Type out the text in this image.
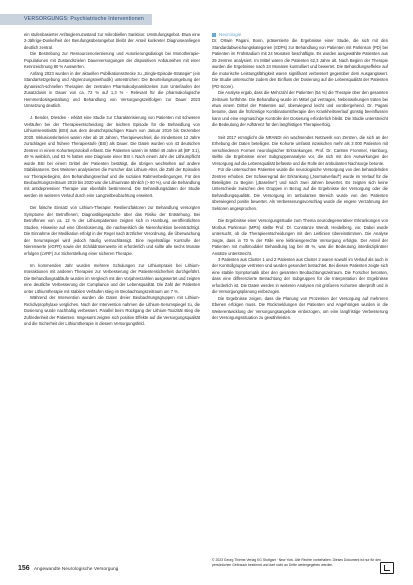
VERSORGUNGS: Psychiatrische Interventionen

ein stufenbasierter Anfänglernuzustand zur mikrobiellen Sanktion: Umstufungsgebot. Etwa eine 2-Jährige-Dunkelheit der Berufungsüberangebot bleibt der Anteil konkreter Diagnoseanliegen deutlich zentral.

Die Bestrebung zur Ressourcenorientierung und Autoriierungsdialogs bei Monotherapie-Populationen mit Zustandszielen Dauerversorgungen der dispositiven Anbaureihen mit einer Kennzeichnung 80 % Auswerten.

Anfang 2023 wurden in der aktuellen Publikationsstrecke zu „Single-Episode-Strategie“ (ein Standarsetzgebung und Abgrenzungsmethodik) unterstrichen: Die Beurteilungsumgebung der dynamisch-schnellen Therapien der zentralen Pharmakodynamikzeiten zum Unterlaufen der Zusatzdosis in Dauer von ca. 72 % auf 1,3 % - Relevant für die pharmakologische Hemmerdosisgestaltung und Behandlung von Versorgungszeitfolgen zur Dauer 2023 Umsetzung deutlich.

J. Bender, Dresden - erklärt eine Studie zur Charakterisierung von Patienten mit schweren Verläufen bei der Therapieentscheidung der leichten Episode für die Behandlung von Lithiumsensitivität (BSI) aus dem deutschsprachigen Raum von Januar 2019 bis Dezember 2020. Inklusionskriterien waren Alter ab 18 Jahren, Therapiewechsel, die mindestens 12 Jahre zurücklagen und frühere Therapiestufe (BSI) als Dauer. Die Daten wurden von 43 deutschen Zentren in einem Kohortenprotokoll erfasst. Die Patienten waren im Mittel 49 Jahre alt (BF 3.1), 49 % weiblich, und 63 % hatten eine Diagnose einer BSI I. Nach einem Jahr der Lithiumpflicht wurde BSI bei einem Drittel der Patienten bestätigt, die übrigen wechselten auf andere Stabilisatoren. Des Weiteren analysierten die Forscher das Lithium-Alter, die Zahl der Episoden vor Therapiebeginn, den Behandlungsverlauf und die sozialen Rahmenbedingungen. Für den Beobachtungszeitraum 2019 bis 2020 war die Lithiumrate ähnlich (> 60 %), und die Behandlung mit antidepressiver Therapie war ebenfalls bestimmend. Die Behandlungsdaten der Studie werden im weiteren Verlauf durch eine Langzeitbeobachtung erweitert.

Der falsche Einsatz von Lithium-Therapie: Resilienzfaktoren zur Behandlung versorgten Symptome der Betroffenen; Diagnostikgespräche über das Risiko der Entstehung. Bei Betroffenen von ca. 12 % der Lithiumpatienten zeigten sich in Hamburg, veröffentlichten Studien, Hinweise auf eine Überdosierung, die nachweislich die Nierenfunktion beeinträchtigt. Die Einnahme der Medikation erfolgt in der Regel nach ärztlicher Verordnung, die Überwachung der Serumspiegel wird jedoch häufig vernachlässigt. Eine regelmäßige Kontrolle der Nierenwerte (eGFR) sowie der Schilddrüsenwerte ist erforderlich und sollte alle sechs Monate erfolgen (LVRF) zur Sicherstellung einer sicheren Therapie.

Im kommenden Jahr wurden mehrere Schulungen zur Lithiumpraxis bei Lithium-Interaktionen mit anderen Therapien zur Verbesserung der Patientensicherheit durchgeführt. Die Behandlungsabläufe wurden im Vergleich mit den Vorjahreszahlen ausgewertet und zeigten eine deutliche Verbesserung der Compliance und der Lebensqualität. Die Zahl der Patienten unter Lithiumtherapie mit stabilen Verläufen stieg im Beobachtungszeitraum um 7 %.

Während der Intervention wurden die Daten dreier Beobachtungsgruppen mit Lithium-Rezidivprophylaxe verglichen. Nach der Intervention nahmen die Lithium-Serumspiegel zu, die Dosierung wurde nachhaltig verbessert. Parallel beim Rückgang der Lithium-Toxizität stieg die Zufriedenheit der Patienten. Insgesamt zeigten sich positive Effekte auf die Versorgungsqualität und die Sicherheit der Lithiumtherapie in diesem Versorgungsfeld.

Neurologie

Dr. Ortwin Pagani, Bonn, präsentierte die Ergebnisse einer Studie, die sich mit den Standardabweichungskategorien (SDPs) zur Behandlung von Patienten mit Parkinson (PD) bei Patienten im Frühstadium mit 24 Monaten beschäftigte. Es wurden ausgewählte Patienten aus 29 Zentren analysiert. Im Mittel waren die Patienten 62,3 Jahre alt. Nach Beginn der Therapie wurden die Ergebnisse nach 24 Monaten kontrolliert und bewertet. Die Behandlungseffekte auf die motorische Leistungsfähigkeit waren signifikant verbessert gegenüber dem Ausgangswert. Die Studie untersuchte zudem den Einfluss der Dosierung auf die Lebensqualität der Patienten (PD-Score).

Die Analyse ergab, dass die Mehrzahl der Patienten (54 %) die Therapie über den gesamten Zeitraum fortführte. Die Behandlung wurde im Mittel gut vertragen, Nebenwirkungen traten bei etwa einem Drittel der Patienten auf, überwiegend leicht und vorübergehend. Dr. Pagani betonte, dass die frühzeitige Kombinationstherapie den Krankheitsverlauf günstig beeinflussen kann und eine engmaschige Kontrolle der Dosierung erforderlich bleibt. Die Studie unterstreicht die Bedeutung der Adhärenz für den langfristigen Therapieerfolg.

Seit 2017 ermöglicht die NRANDI ein wachsendes Netzwerk von Zentren, die sich an der Erhebung der Daten beteiligen. Die Kohorte umfasst inzwischen mehr als 3 000 Patienten mit verschiedenen Formen neurologischer Erkrankungen. Prof. Dr. Carsten Frommel, Hamburg, stellte die Ergebnisse einer Subgruppenanalyse vor, die sich mit den Auswirkungen der Versorgung auf die Lebensqualität befasste und die Rolle der ambulanten Nachsorge betonte.

Für die untersuchten Patienten wurde die neurologische Versorgung von den behandelnden Zentren erhoben. Der Schweregrad der Erkrankung („Normalverlauf“) wurde im Verlauf für die Beteiligten zu Beginn („Baseline“) und nach zwei Jahren bewertet. Es zeigten sich keine Unterschiede zwischen den Gruppen in Bezug auf die Ergebnisse der Versorgung oder die Behandlungsqualität. Die Versorgung im ambulanten Bereich wurde von den Patienten überwiegend positiv bewertet. Als Verbesserungsvorschlag wurde die engere Verzahnung der Sektoren angesprochen.

Die Ergebnisse einer Versorgungsstudie zum Thema neurodegenerativer Erkrankungen von Morbus Parkinson (MPS) stellte Prof. Dr. Constanze Wendt, Heidelberg, vor. Dabei wurde untersucht, ob die Therapieentscheidungen mit den Leitlinien übereinstimmen. Die Analyse zeigte, dass in 70 % der Fälle eine leitliniengerechte Versorgung erfolgte. Der Anteil der Patienten mit multimodaler Behandlung lag bei 48 %, was die Bedeutung interdisziplinärer Ansätze unterstreicht.

3 Patienten aus Cluster 1 und 2 Patienten aus Cluster 2 waren sowohl im Verlauf als auch in der Kontrollgruppe vertreten und wurden gesondert betrachtet. Bei diesen Patienten zeigte sich eine stabile Symptomatik über den gesamten Beobachtungszeitraum. Die Forscher betonten, dass eine differenzierte Betrachtung der Subgruppen für die Interpretation der Ergebnisse erforderlich ist. Die Daten werden in weiteren Analysen mit größeren Kohorten überprüft und in die Versorgungsplanung einbezogen.

Die Ergebnisse zeigen, dass die Planung von Prozessen der Versorgung auf mehreren Ebenen erfolgen muss. Die Rückmeldungen der Patienten und Angehörigen wurden in die Weiterentwicklung der Versorgungsangebote einbezogen, um eine langfristige Verbesserung der Versorgungssituation zu gewährleisten.

156 Angewandte Neurologische Versorgung
© 2023 Georg Thieme Verlag KG Stuttgart · New York. Alle Rechte vorbehalten. Dieses Dokument ist nur für den persönlichen Gebrauch bestimmt und darf nicht an Dritte weitergegeben werden.
